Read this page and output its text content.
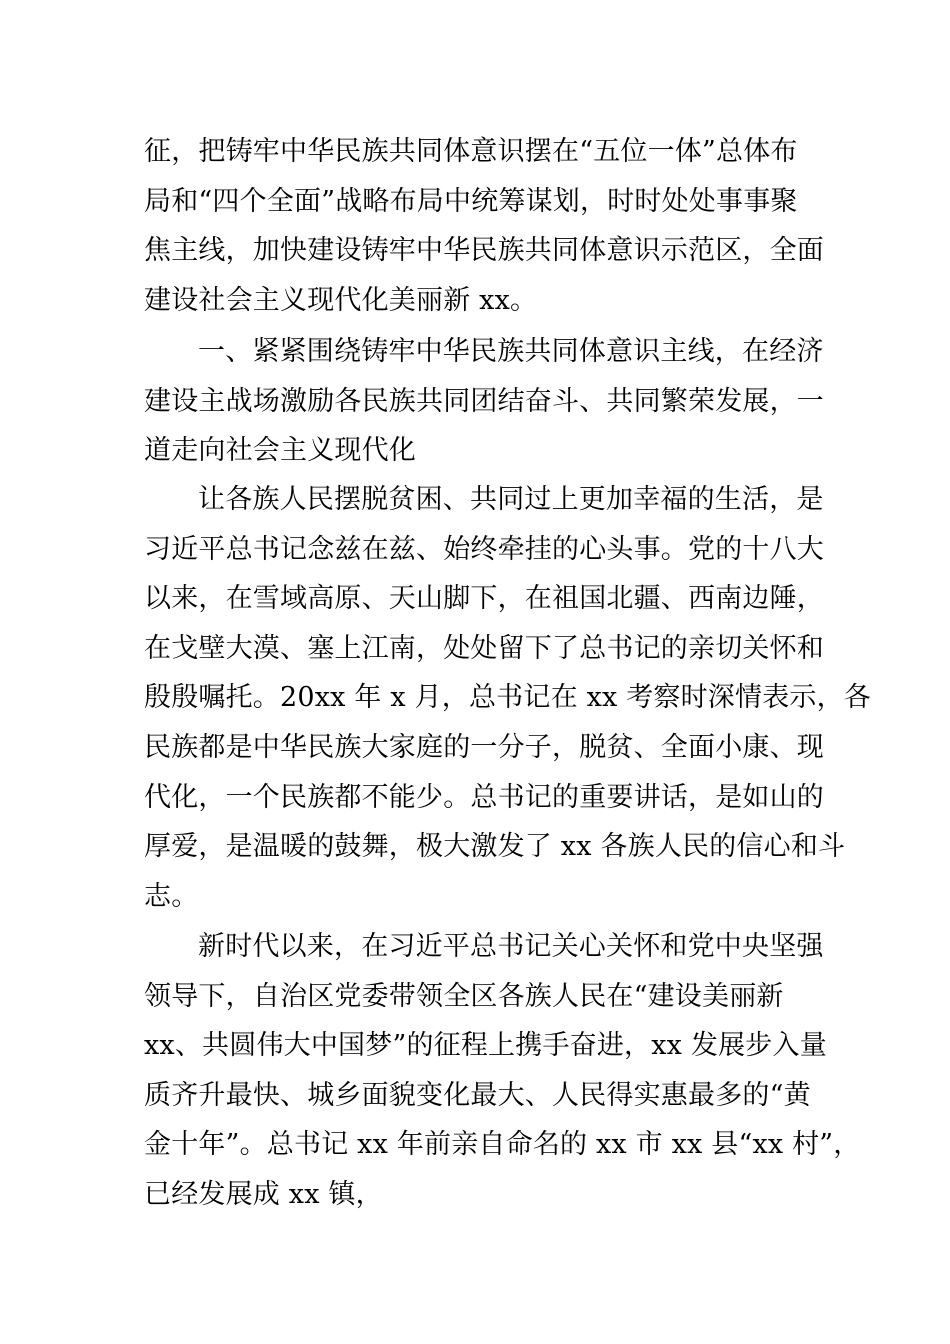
征，把铸牢中华民族共同体意识摆在“五位一体”总体布
局和“四个全面”战略布局中统筹谋划，时时处处事事聚
焦主线，加快建设铸牢中华民族共同体意识示范区，全面
建设社会主义现代化美丽新 xx。
一、紧紧围绕铸牢中华民族共同体意识主线，在经济
建设主战场激励各民族共同团结奋斗、共同繁荣发展，一
道走向社会主义现代化
让各族人民摆脱贫困、共同过上更加幸福的生活，是
习近平总书记念兹在兹、始终牵挂的心头事。党的十八大
以来，在雪域高原、天山脚下，在祖国北疆、西南边陲，
在戈壁大漠、塞上江南，处处留下了总书记的亲切关怀和
殷殷嘱托。20xx 年 x 月，总书记在 xx 考察时深情表示，各
民族都是中华民族大家庭的一分子，脱贫、全面小康、现
代化，一个民族都不能少。总书记的重要讲话，是如山的
厚爱，是温暖的鼓舞，极大激发了 xx 各族人民的信心和斗
志。
新时代以来，在习近平总书记关心关怀和党中央坚强
领导下，自治区党委带领全区各族人民在“建设美丽新
xx、共圆伟大中国梦”的征程上携手奋进，xx 发展步入量
质齐升最快、城乡面貌变化最大、人民得实惠最多的“黄
金十年”。总书记 xx 年前亲自命名的 xx 市 xx 县“xx 村”，
已经发展成 xx 镇，
